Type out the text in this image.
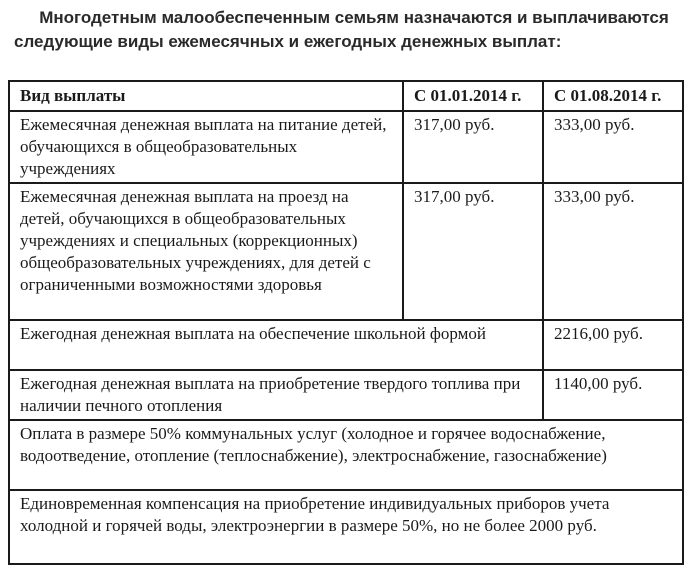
Многодетным малообеспеченным семьям назначаются и выплачиваются
следующие виды ежемесячных и ежегодных денежных выплат:
Вид выплаты	С 01.01.2014 г.	С 01.08.2014 г.
Ежемесячная денежная выплата на питание детей, обучающихся в общеобразовательных учреждениях	317,00 руб.	333,00 руб.
Ежемесячная денежная выплата на проезд на детей, обучающихся в общеобразовательных учреждениях и специальных (коррекционных) общеобразовательных учреждениях, для детей с ограниченными возможностями здоровья	317,00 руб.	333,00 руб.
Ежегодная денежная выплата на обеспечение школьной формой		2216,00 руб.
Ежегодная денежная выплата на приобретение твердого топлива при наличии печного отопления		1140,00 руб.
Оплата в размере 50% коммунальных услуг (холодное и горячее водоснабжение, водоотведение, отопление (теплоснабжение), электроснабжение, газоснабжение)		
Единовременная компенсация на приобретение индивидуальных приборов учета холодной и горячей воды, электроэнергии в размере 50%, но не более 2000 руб.		
